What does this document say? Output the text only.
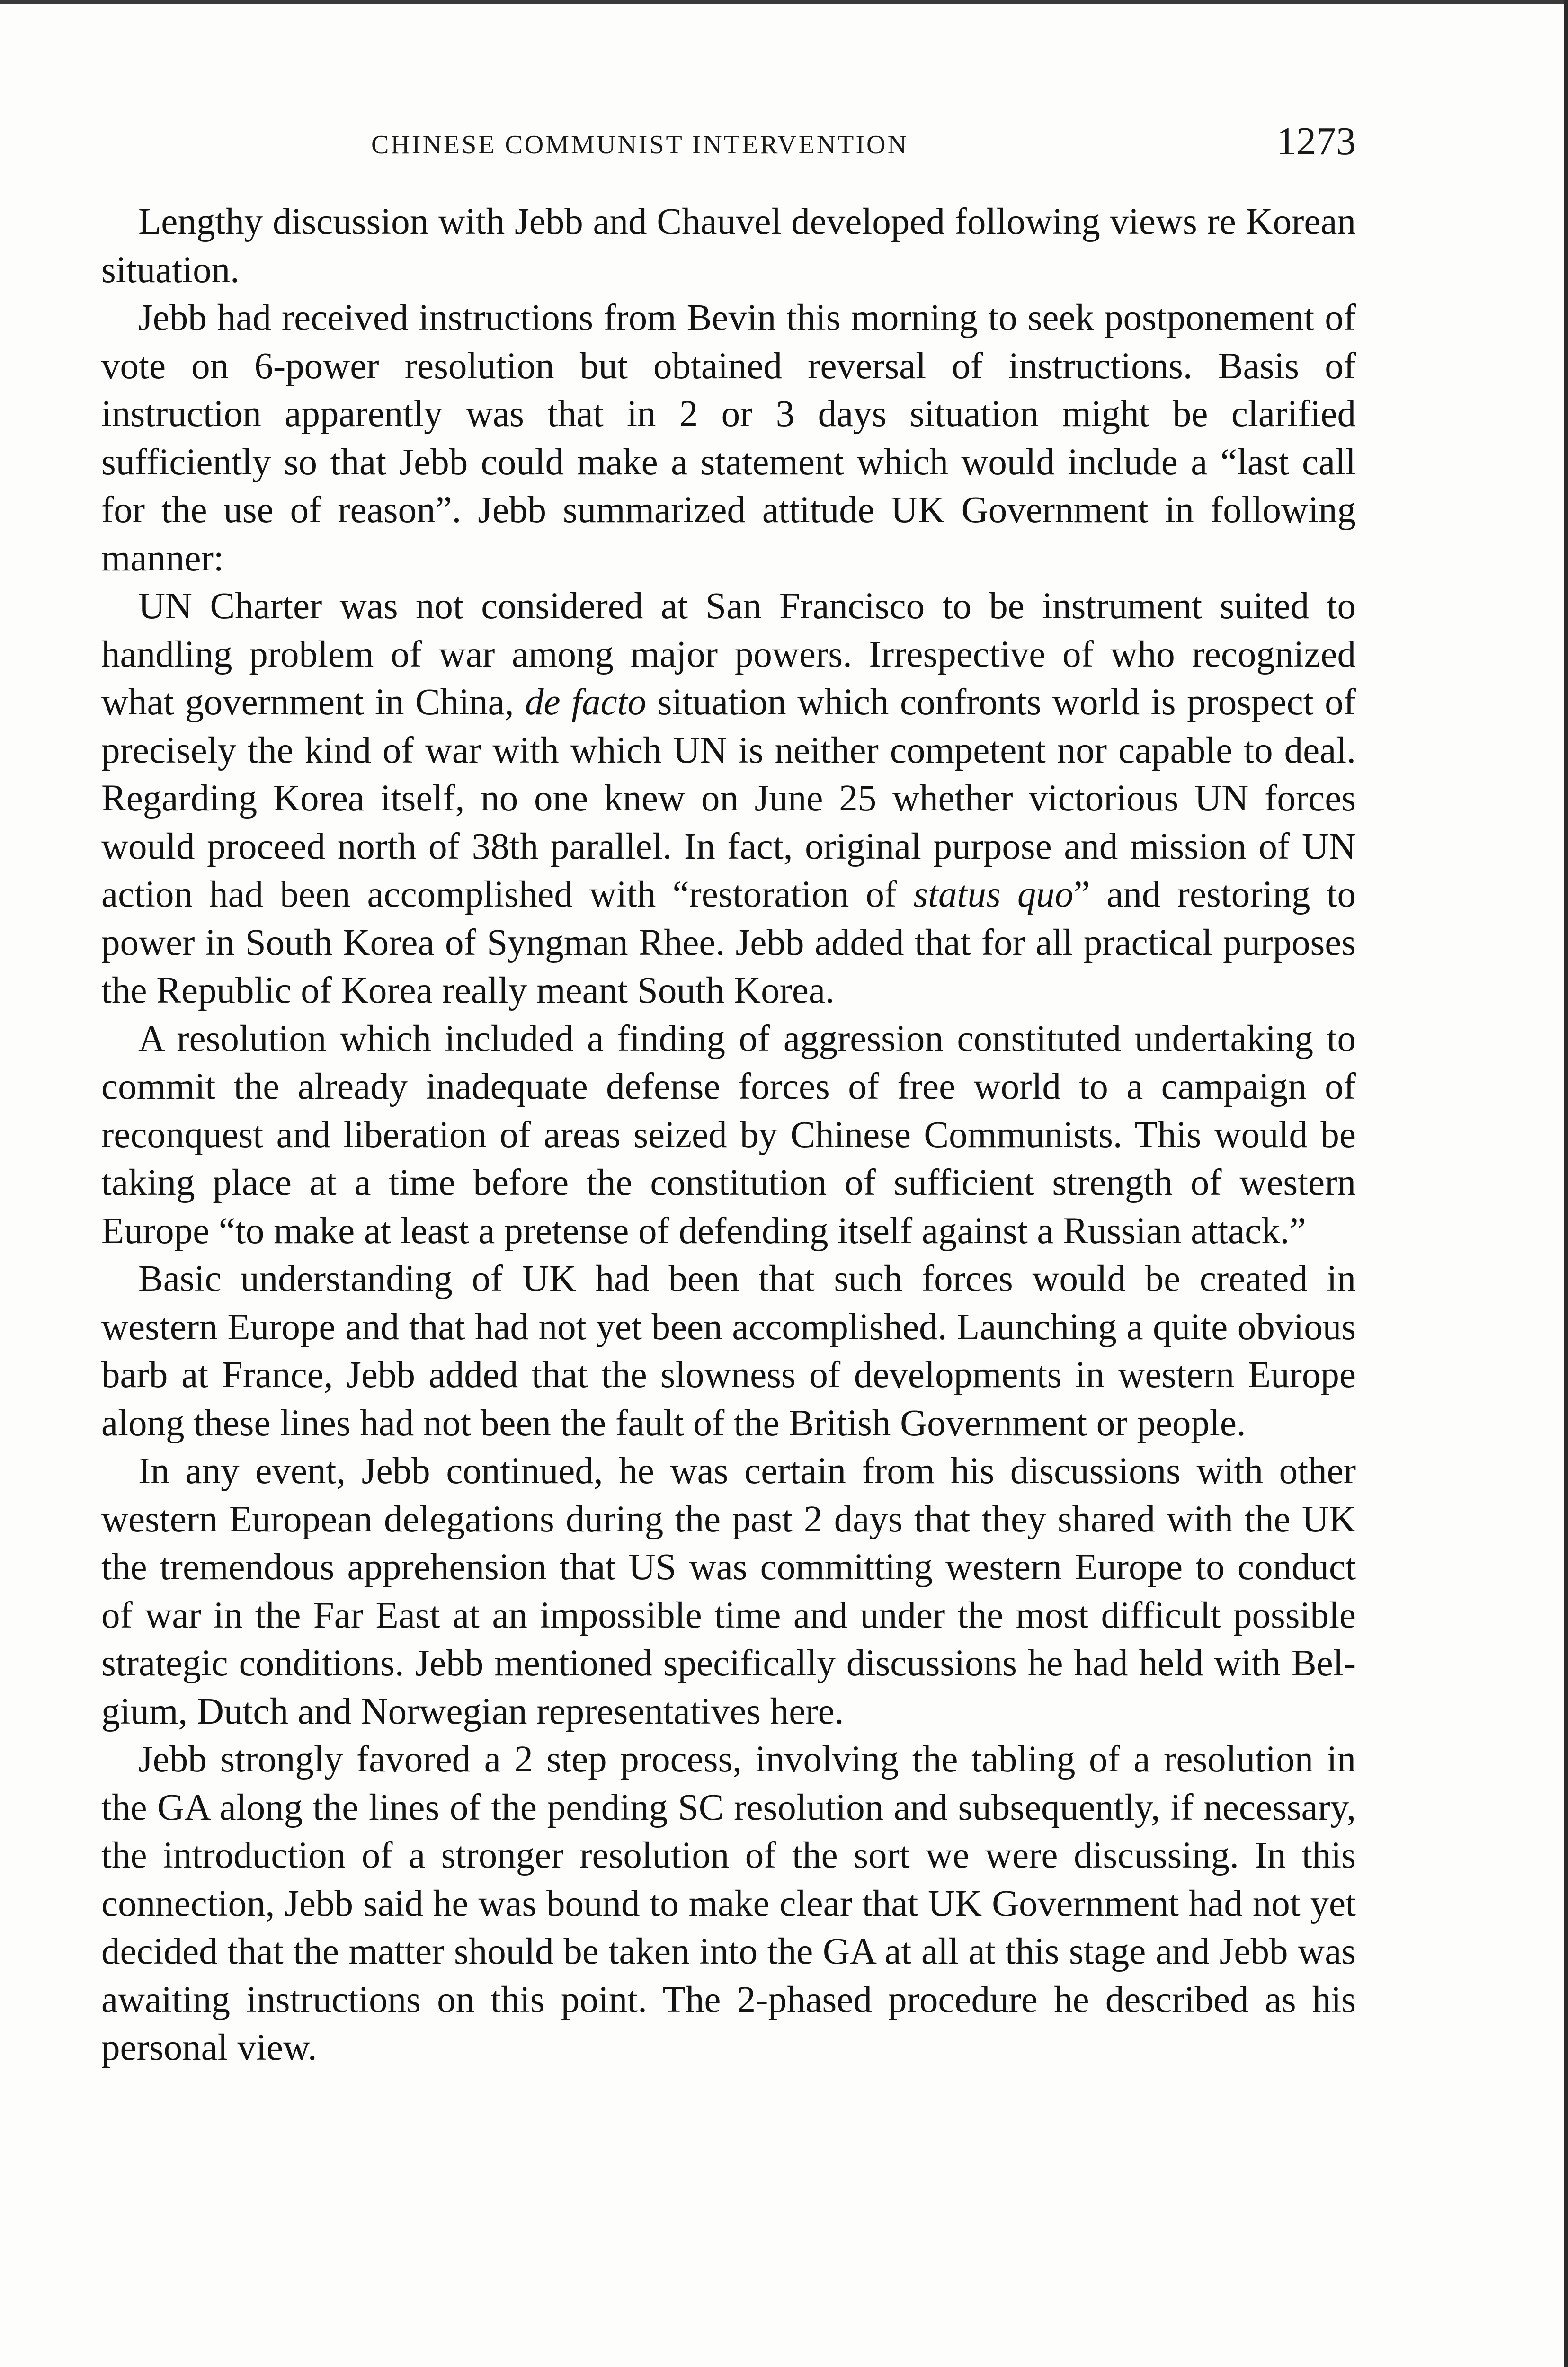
CHINESE COMMUNIST INTERVENTION	1273

Lengthy discussion with Jebb and Chauvel developed following views re Korean situation.

Jebb had received instructions from Bevin this morning to seek postponement of vote on 6-power resolution but obtained reversal of instructions. Basis of instruction apparently was that in 2 or 3 days situation might be clarified sufficiently so that Jebb could make a statement which would include a “last call for the use of reason”. Jebb summarized attitude UK Government in following manner:

UN Charter was not considered at San Francisco to be instrument suited to handling problem of war among major powers. Irrespective of who recognized what government in China, de facto situation which confronts world is prospect of precisely the kind of war with which UN is neither competent nor capable to deal. Regarding Korea itself, no one knew on June 25 whether victorious UN forces would proceed north of 38th parallel. In fact, original purpose and mission of UN action had been accomplished with “restoration of status quo” and restoring to power in South Korea of Syngman Rhee. Jebb added that for all practical purposes the Republic of Korea really meant South Korea.

A resolution which included a finding of aggression constituted undertaking to commit the already inadequate defense forces of free world to a campaign of reconquest and liberation of areas seized by Chinese Communists. This would be taking place at a time before the constitution of sufficient strength of western Europe “to make at least a pretense of defending itself against a Russian attack.”

Basic understanding of UK had been that such forces would be created in western Europe and that had not yet been accomplished. Launching a quite obvious barb at France, Jebb added that the slowness of developments in western Europe along these lines had not been the fault of the British Government or people.

In any event, Jebb continued, he was certain from his discussions with other western European delegations during the past 2 days that they shared with the UK the tremendous apprehension that US was committing western Europe to conduct of war in the Far East at an impossible time and under the most difficult possible strategic conditions. Jebb mentioned specifically discussions he had held with Belgium, Dutch and Norwegian representatives here.

Jebb strongly favored a 2 step process, involving the tabling of a resolution in the GA along the lines of the pending SC resolution and subsequently, if necessary, the introduction of a stronger resolution of the sort we were discussing. In this connection, Jebb said he was bound to make clear that UK Government had not yet decided that the matter should be taken into the GA at all at this stage and Jebb was awaiting instructions on this point. The 2-phased procedure he described as his personal view.
